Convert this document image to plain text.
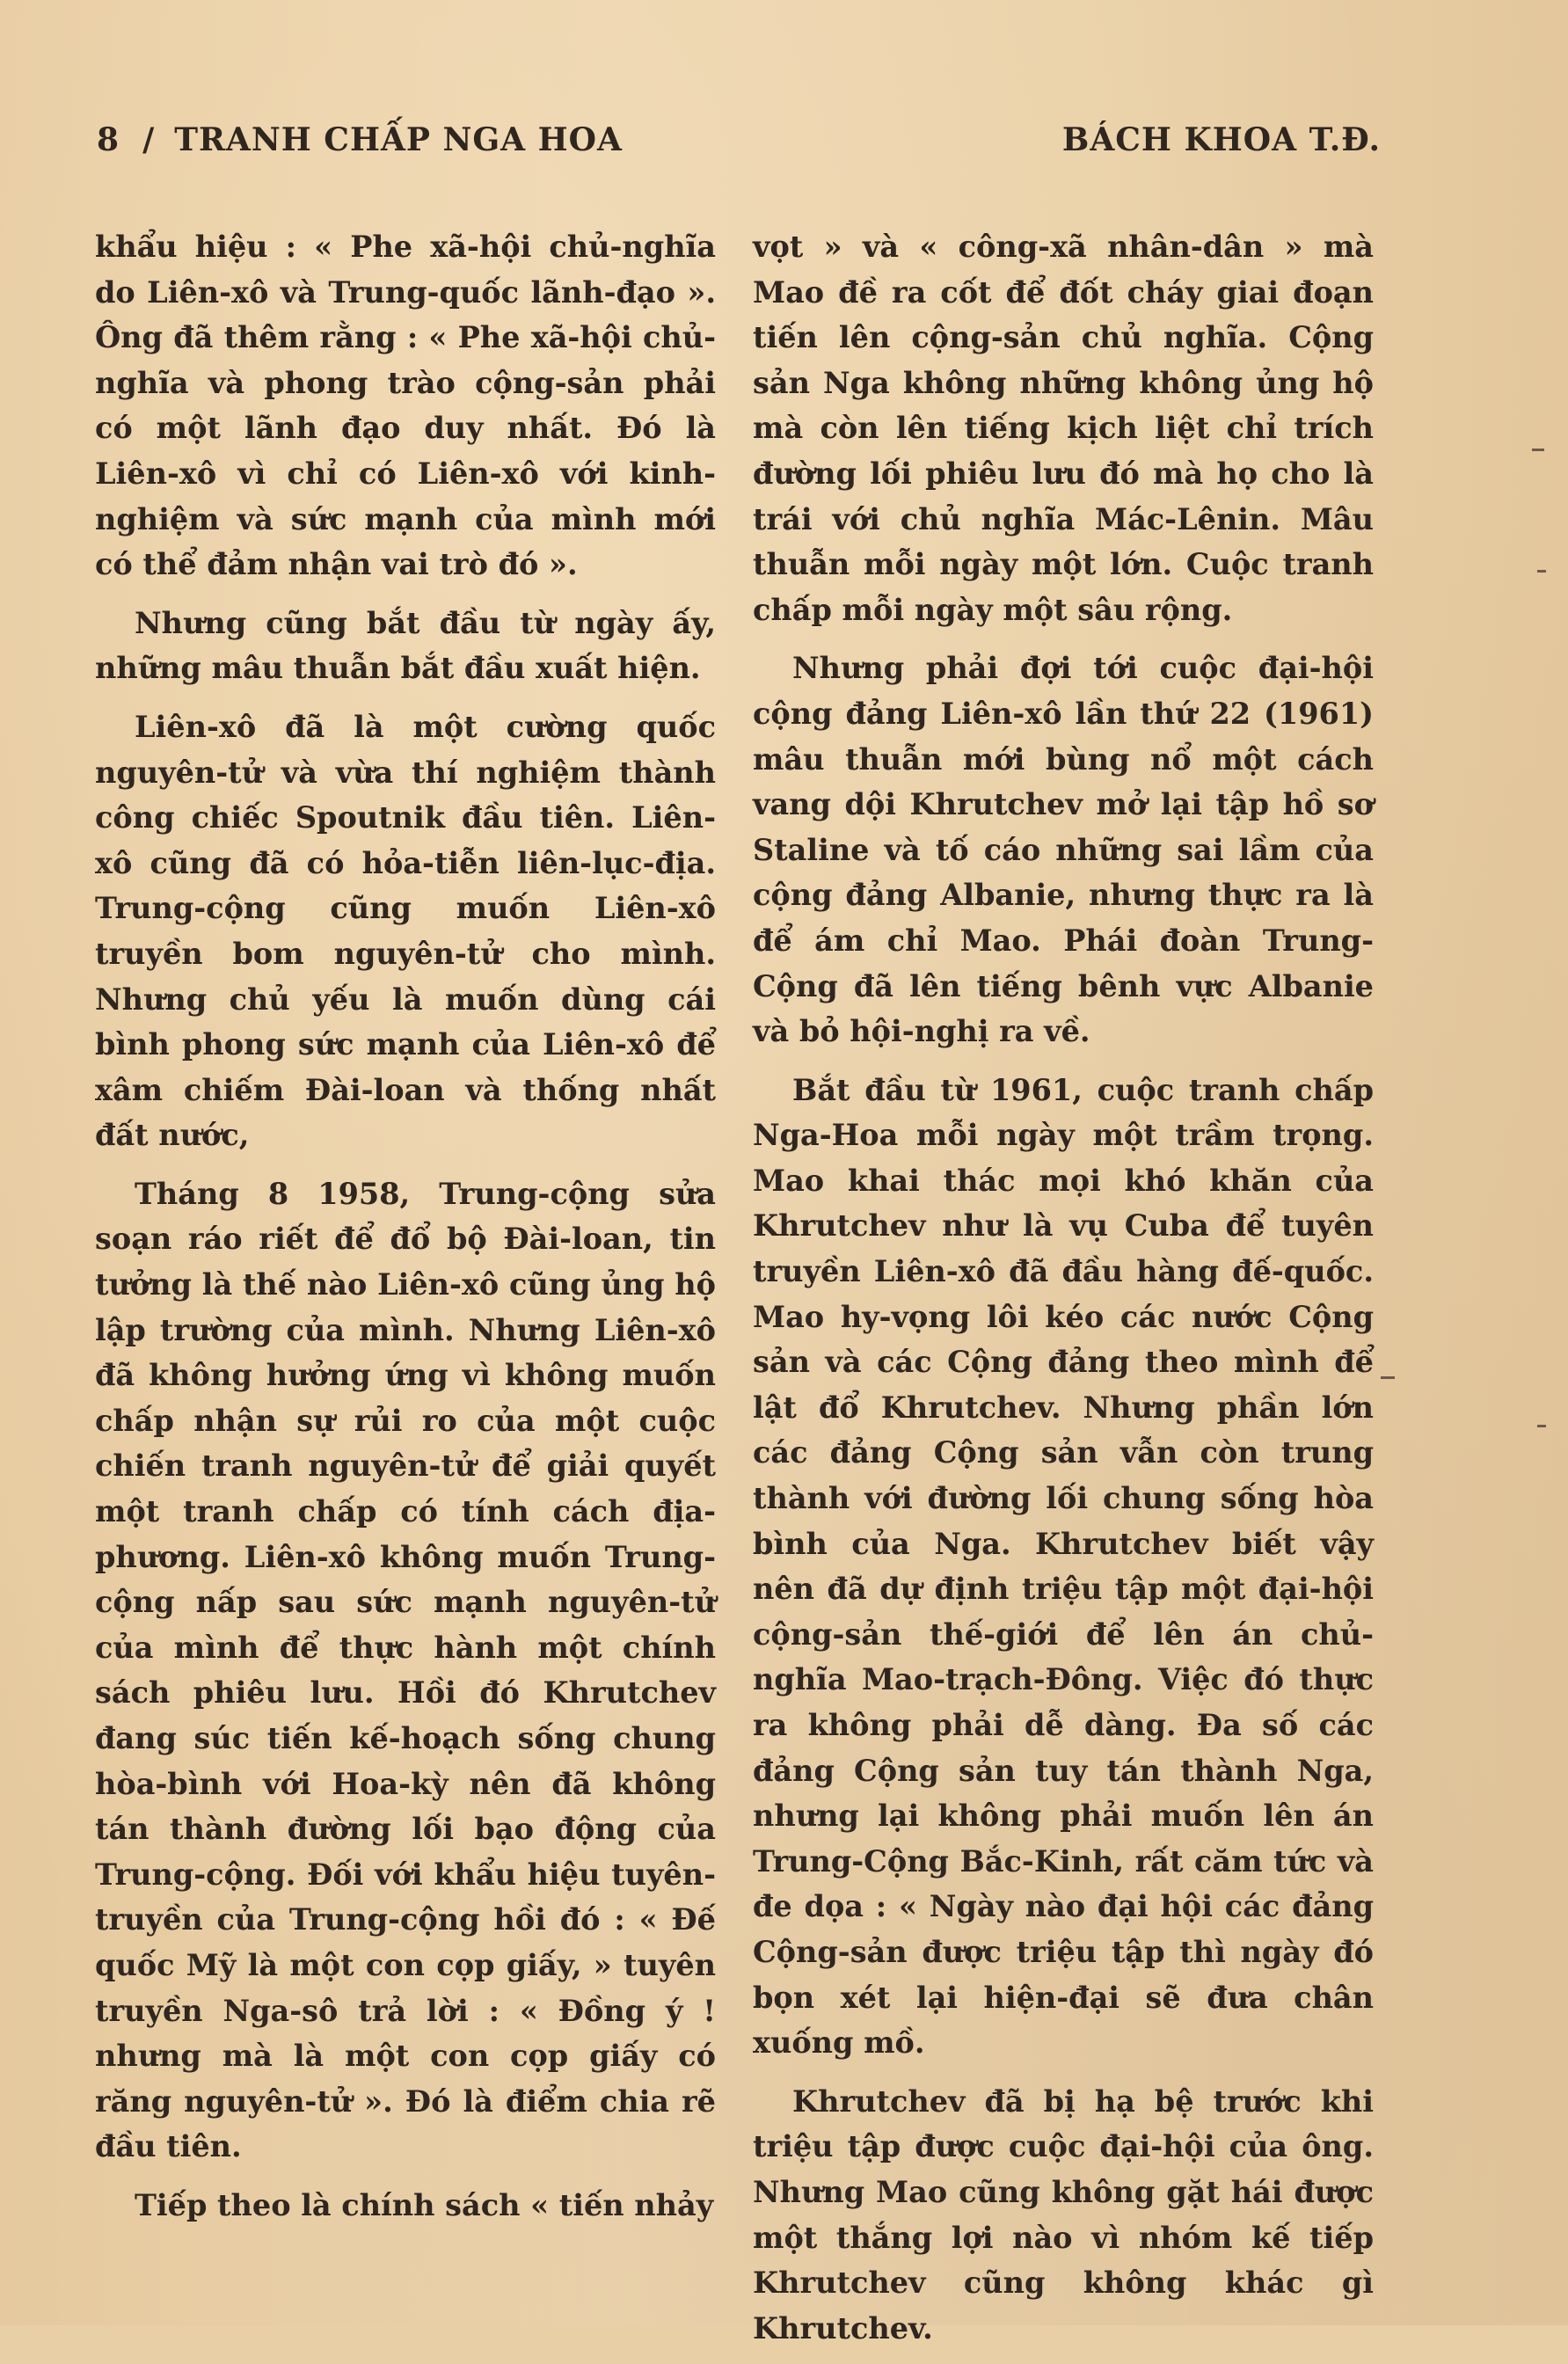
8 / TRANH CHẤP NGA HOA	BÁCH KHOA T.Đ.

khẩu hiệu : « Phe xã-hội chủ-nghĩa do Liên-xô và Trung-quốc lãnh-đạo ». Ông đã thêm rằng : « Phe xã-hội chủ-nghĩa và phong trào cộng-sản phải có một lãnh đạo duy nhất. Đó là Liên-xô vì chỉ có Liên-xô với kinh-nghiệm và sức mạnh của mình mới có thể đảm nhận vai trò đó ».

Nhưng cũng bắt đầu từ ngày ấy, những mâu thuẫn bắt đầu xuất hiện.

Liên-xô đã là một cường quốc nguyên-tử và vừa thí nghiệm thành công chiếc Spoutnik đầu tiên. Liên-xô cũng đã có hỏa-tiễn liên-lục-địa. Trung-cộng cũng muốn Liên-xô truyền bom nguyên-tử cho mình. Nhưng chủ yếu là muốn dùng cái bình phong sức mạnh của Liên-xô để xâm chiếm Đài-loan và thống nhất đất nước,

Tháng 8 1958, Trung-cộng sửa soạn ráo riết để đổ bộ Đài-loan, tin tưởng là thế nào Liên-xô cũng ủng hộ lập trường của mình. Nhưng Liên-xô đã không hưởng ứng vì không muốn chấp nhận sự rủi ro của một cuộc chiến tranh nguyên-tử để giải quyết một tranh chấp có tính cách địa-phương. Liên-xô không muốn Trung-cộng nấp sau sức mạnh nguyên-tử của mình để thực hành một chính sách phiêu lưu. Hồi đó Khrutchev đang súc tiến kế-hoạch sống chung hòa-bình với Hoa-kỳ nên đã không tán thành đường lối bạo động của Trung-cộng. Đối với khẩu hiệu tuyên-truyền của Trung-cộng hồi đó : « Đế quốc Mỹ là một con cọp giấy, » tuyên truyền Nga-sô trả lời : « Đồng ý ! nhưng mà là một con cọp giấy có răng nguyên-tử ». Đó là điểm chia rẽ đầu tiên.

Tiếp theo là chính sách « tiến nhảy

vọt » và « công-xã nhân-dân » mà Mao đề ra cốt để đốt cháy giai đoạn tiến lên cộng-sản chủ nghĩa. Cộng sản Nga không những không ủng hộ mà còn lên tiếng kịch liệt chỉ trích đường lối phiêu lưu đó mà họ cho là trái với chủ nghĩa Mác-Lênin. Mâu thuẫn mỗi ngày một lớn. Cuộc tranh chấp mỗi ngày một sâu rộng.

Nhưng phải đợi tới cuộc đại-hội cộng đảng Liên-xô lần thứ 22 (1961) mâu thuẫn mới bùng nổ một cách vang dội Khrutchev mở lại tập hồ sơ Staline và tố cáo những sai lầm của cộng đảng Albanie, nhưng thực ra là để ám chỉ Mao. Phái đoàn Trung-Cộng đã lên tiếng bênh vực Albanie và bỏ hội-nghị ra về.

Bắt đầu từ 1961, cuộc tranh chấp Nga-Hoa mỗi ngày một trầm trọng. Mao khai thác mọi khó khăn của Khrutchev như là vụ Cuba để tuyên truyền Liên-xô đã đầu hàng đế-quốc. Mao hy-vọng lôi kéo các nước Cộng sản và các Cộng đảng theo mình để lật đổ Khrutchev. Nhưng phần lớn các đảng Cộng sản vẫn còn trung thành với đường lối chung sống hòa bình của Nga. Khrutchev biết vậy nên đã dự định triệu tập một đại-hội cộng-sản thế-giới để lên án chủ-nghĩa Mao-trạch-Đông. Việc đó thực ra không phải dễ dàng. Đa số các đảng Cộng sản tuy tán thành Nga, nhưng lại không phải muốn lên án Trung-Cộng Bắc-Kinh, rất căm tức và đe dọa : « Ngày nào đại hội các đảng Cộng-sản được triệu tập thì ngày đó bọn xét lại hiện-đại sẽ đưa chân xuống mồ.

Khrutchev đã bị hạ bệ trước khi triệu tập được cuộc đại-hội của ông. Nhưng Mao cũng không gặt hái được một thắng lợi nào vì nhóm kế tiếp Khrutchev cũng không khác gì Khrutchev.
